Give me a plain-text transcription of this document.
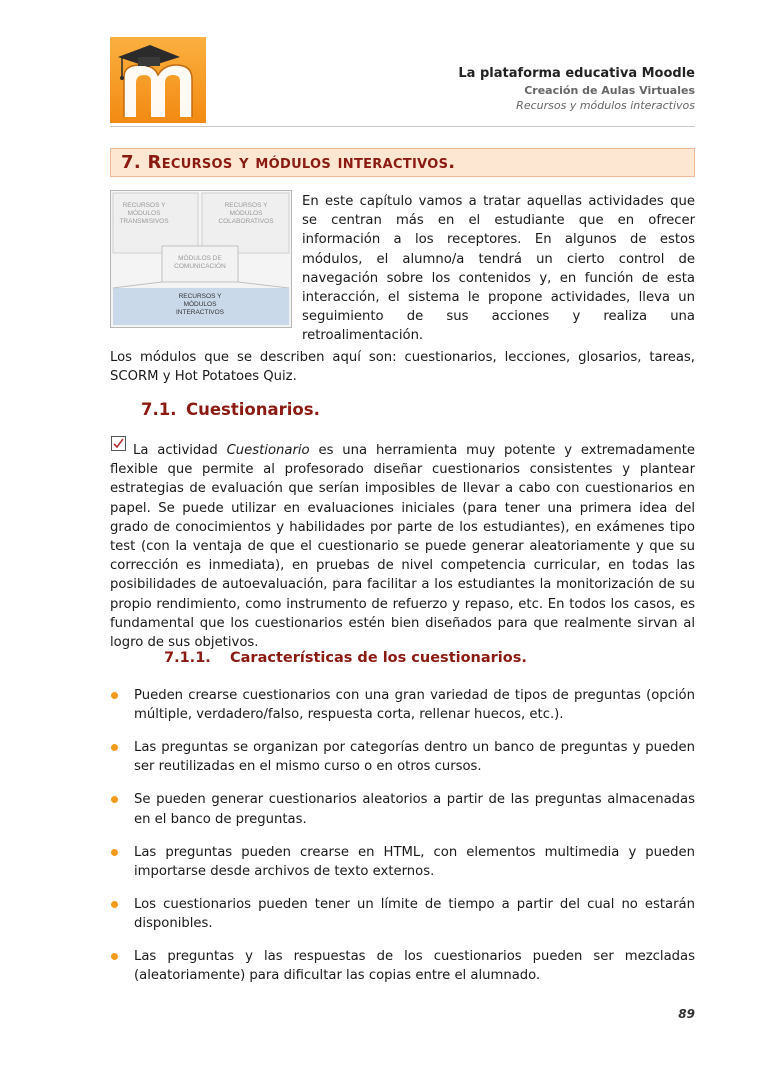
La plataforma educativa Moodle
Creación de Aulas Virtuales
Recursos y módulos interactivos
7. Recursos y módulos interactivos.
RECURSOS Y MÓDULOS TRANSMISIVOS
RECURSOS Y MÓDULOS COLABORATIVOS
MÓDULOS DE COMUNICACIÓN
RECURSOS Y MÓDULOS INTERACTIVOS
En este capítulo vamos a tratar aquellas actividades que se centran más en el estudiante que en ofrecer información a los receptores. En algunos de estos módulos, el alumno/a tendrá un cierto control de navegación sobre los contenidos y, en función de esta interacción, el sistema le propone actividades, lleva un seguimiento de sus acciones y realiza una retroalimentación.
Los módulos que se describen aquí son: cuestionarios, lecciones, glosarios, tareas, SCORM y Hot Potatoes Quiz.
7.1. Cuestionarios.
La actividad Cuestionario es una herramienta muy potente y extremadamente flexible que permite al profesorado diseñar cuestionarios consistentes y plantear estrategias de evaluación que serían imposibles de llevar a cabo con cuestionarios en papel. Se puede utilizar en evaluaciones iniciales (para tener una primera idea del grado de conocimientos y habilidades por parte de los estudiantes), en exámenes tipo test (con la ventaja de que el cuestionario se puede generar aleatoriamente y que su corrección es inmediata), en pruebas de nivel competencia curricular, en todas las posibilidades de autoevaluación, para facilitar a los estudiantes la monitorización de su propio rendimiento, como instrumento de refuerzo y repaso, etc. En todos los casos, es fundamental que los cuestionarios estén bien diseñados para que realmente sirvan al logro de sus objetivos.
7.1.1. Características de los cuestionarios.
Pueden crearse cuestionarios con una gran variedad de tipos de preguntas (opción múltiple, verdadero/falso, respuesta corta, rellenar huecos, etc.).
Las preguntas se organizan por categorías dentro un banco de preguntas y pueden ser reutilizadas en el mismo curso o en otros cursos.
Se pueden generar cuestionarios aleatorios a partir de las preguntas almacenadas en el banco de preguntas.
Las preguntas pueden crearse en HTML, con elementos multimedia y pueden importarse desde archivos de texto externos.
Los cuestionarios pueden tener un límite de tiempo a partir del cual no estarán disponibles.
Las preguntas y las respuestas de los cuestionarios pueden ser mezcladas (aleatoriamente) para dificultar las copias entre el alumnado.
89
